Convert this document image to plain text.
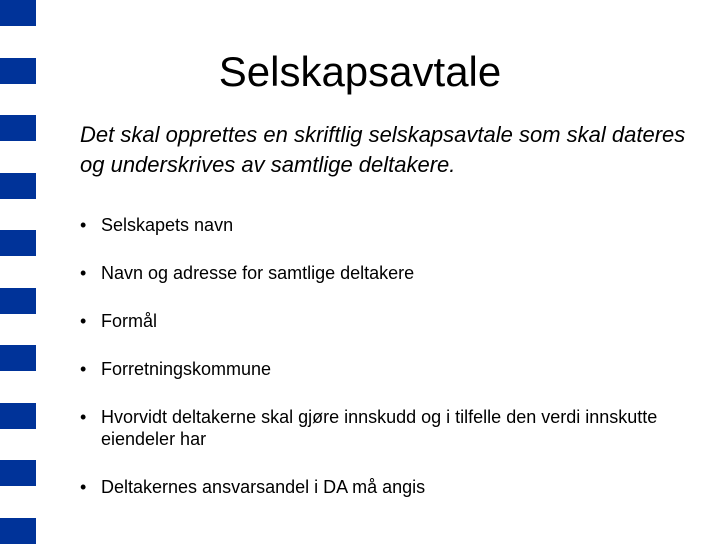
Selskapsavtale
Det skal opprettes en skriftlig selskapsavtale som skal dateres og underskrives av samtlige deltakere.
• Selskapets navn
• Navn og adresse for samtlige deltakere
• Formål
• Forretningskommune
• Hvorvidt deltakerne skal gjøre innskudd og i tilfelle den verdi innskutte eiendeler har
• Deltakernes ansvarsandel i DA må angis
